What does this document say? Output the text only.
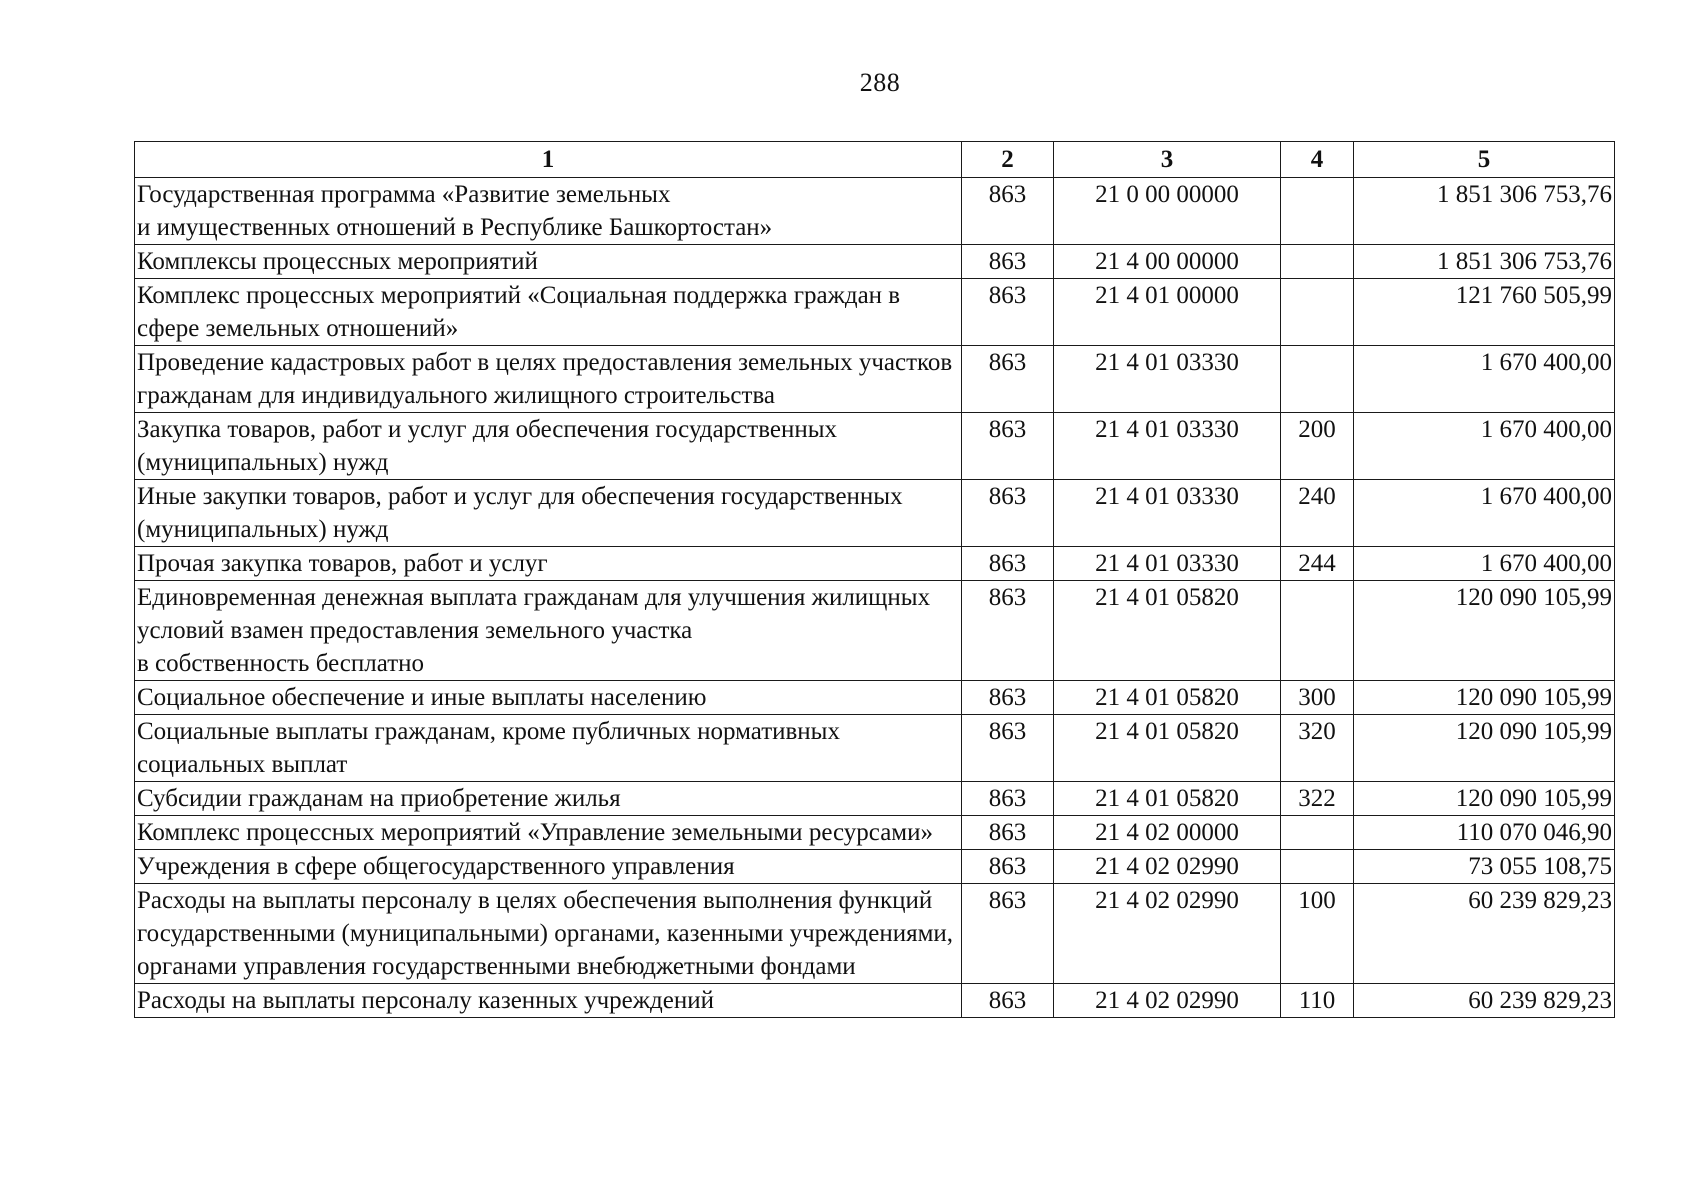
288
1	2	3	4	5
Государственная программа «Развитие земельных
и имущественных отношений в Республике Башкортостан»	863	21 0 00 00000		1 851 306 753,76
Комплексы процессных мероприятий	863	21 4 00 00000		1 851 306 753,76
Комплекс процессных мероприятий «Социальная поддержка граждан в сфере земельных отношений»	863	21 4 01 00000		121 760 505,99
Проведение кадастровых работ в целях предоставления земельных участков гражданам для индивидуального жилищного строительства	863	21 4 01 03330		1 670 400,00
Закупка товаров, работ и услуг для обеспечения государственных (муниципальных) нужд	863	21 4 01 03330	200	1 670 400,00
Иные закупки товаров, работ и услуг для обеспечения государственных (муниципальных) нужд	863	21 4 01 03330	240	1 670 400,00
Прочая закупка товаров, работ и услуг	863	21 4 01 03330	244	1 670 400,00
Единовременная денежная выплата гражданам для улучшения жилищных условий взамен предоставления земельного участка
в собственность бесплатно	863	21 4 01 05820		120 090 105,99
Социальное обеспечение и иные выплаты населению	863	21 4 01 05820	300	120 090 105,99
Социальные выплаты гражданам, кроме публичных нормативных социальных выплат	863	21 4 01 05820	320	120 090 105,99
Субсидии гражданам на приобретение жилья	863	21 4 01 05820	322	120 090 105,99
Комплекс процессных мероприятий «Управление земельными ресурсами»	863	21 4 02 00000		110 070 046,90
Учреждения в сфере общегосударственного управления	863	21 4 02 02990		73 055 108,75
Расходы на выплаты персоналу в целях обеспечения выполнения функций государственными (муниципальными) органами, казенными учреждениями, органами управления государственными внебюджетными фондами	863	21 4 02 02990	100	60 239 829,23
Расходы на выплаты персоналу казенных учреждений	863	21 4 02 02990	110	60 239 829,23
